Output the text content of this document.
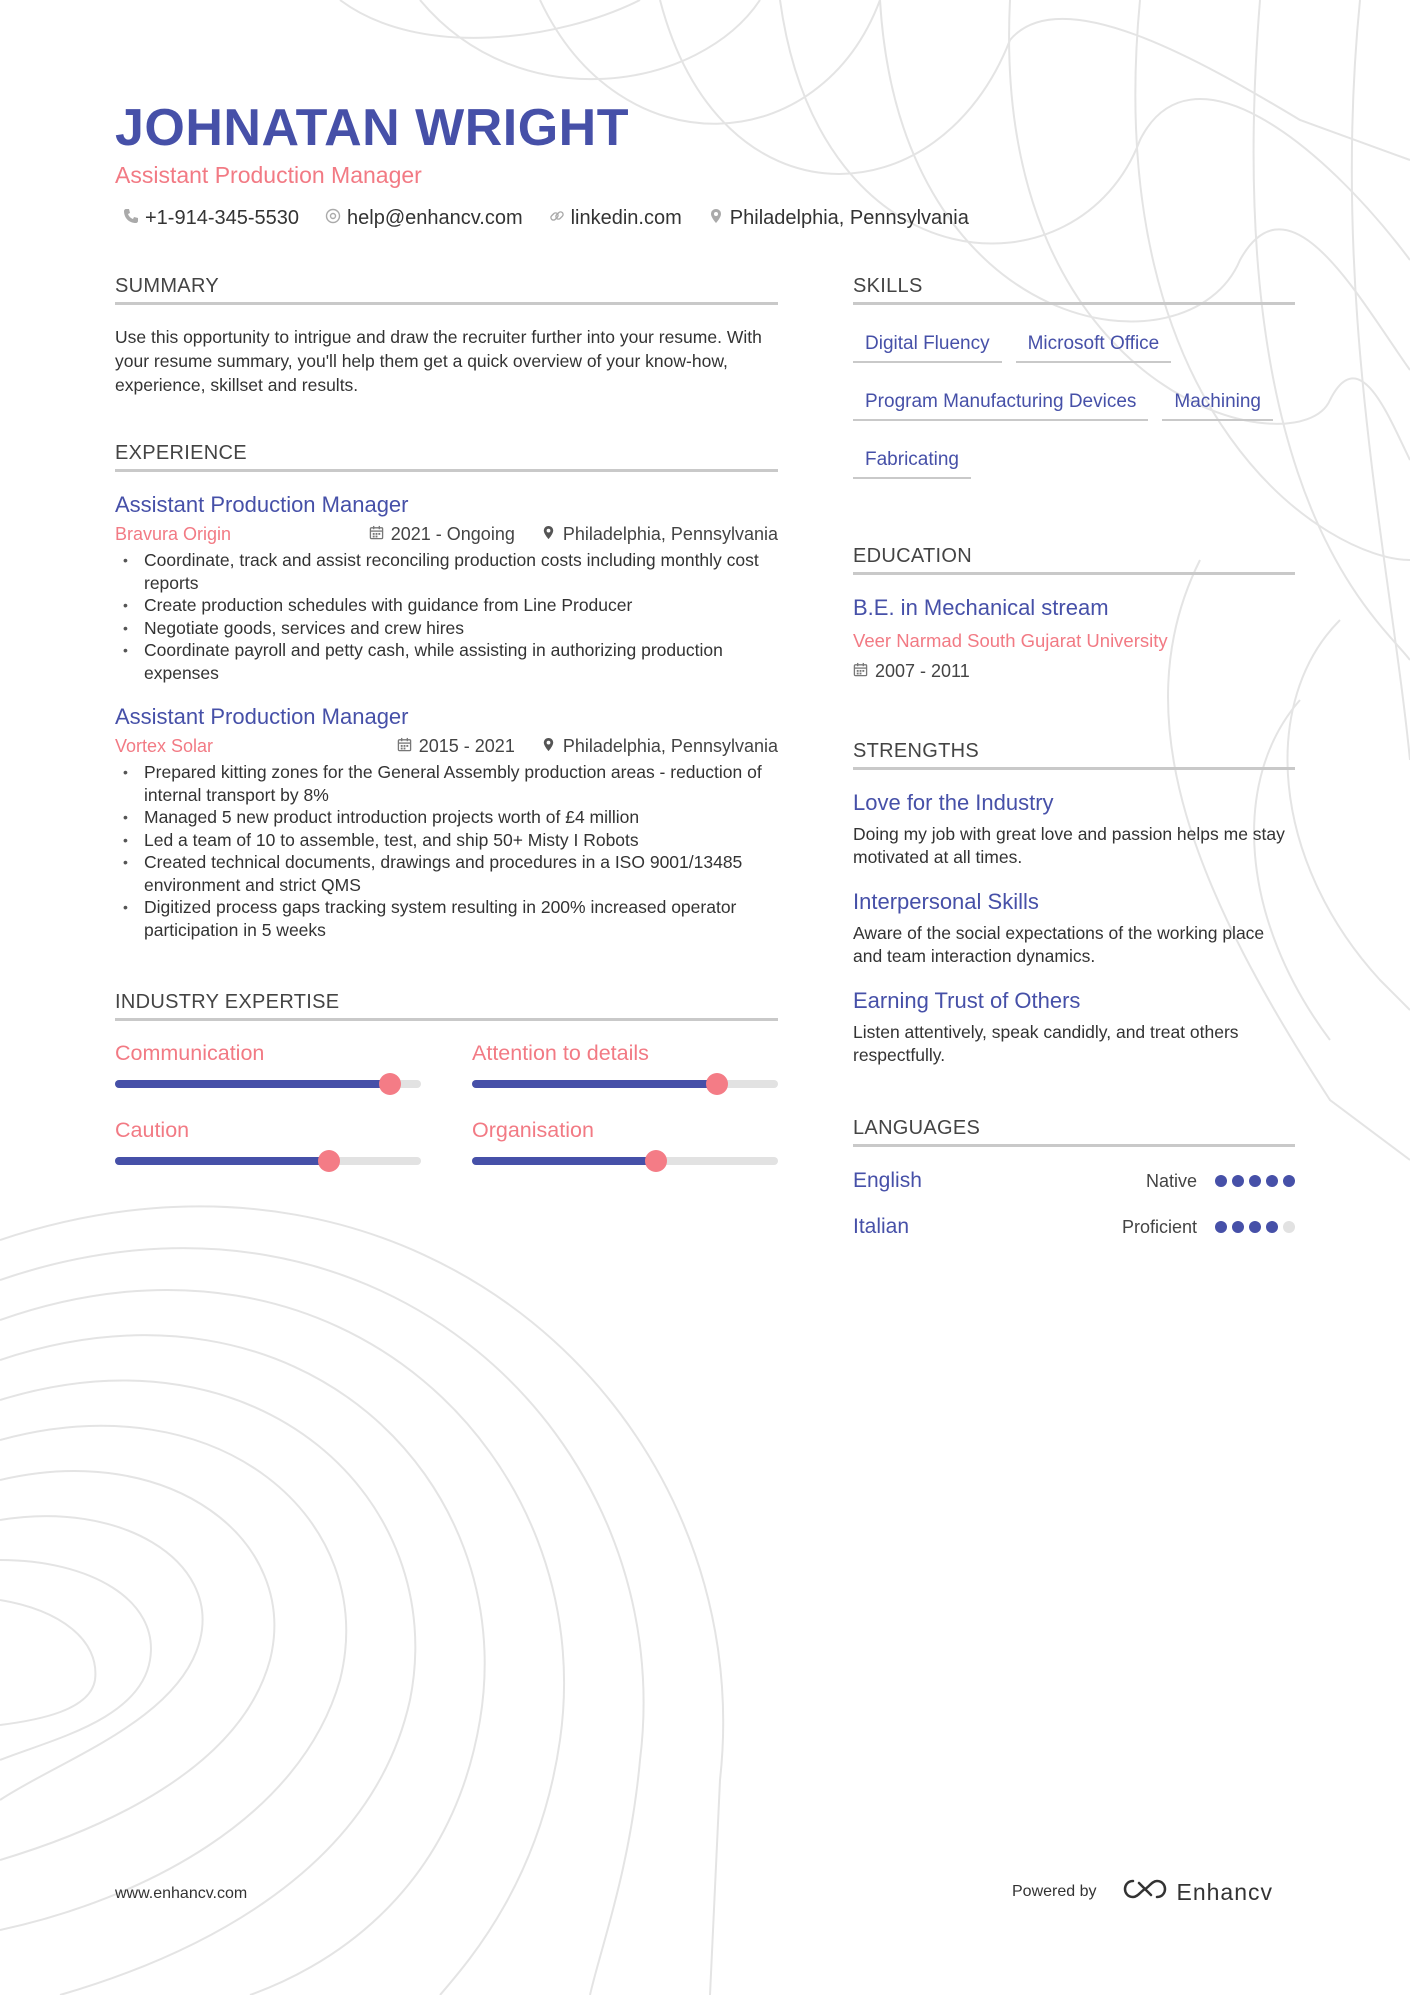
JOHNATAN WRIGHT
Assistant Production Manager
+1-914-345-5530 help@enhancv.com linkedin.com Philadelphia, Pennsylvania
SUMMARY

Use this opportunity to intrigue and draw the recruiter further into your resume. With your resume summary, you'll help them get a quick overview of your know-how, experience, skillset and results.

EXPERIENCE
Assistant Production Manager
Bravura Origin	2021 - Ongoing	Philadelphia, Pennsylvania
• Coordinate, track and assist reconciling production costs including monthly cost reports
• Create production schedules with guidance from Line Producer
• Negotiate goods, services and crew hires
• Coordinate payroll and petty cash, while assisting in authorizing production expenses
Assistant Production Manager
Vortex Solar	2015 - 2021	Philadelphia, Pennsylvania
• Prepared kitting zones for the General Assembly production areas - reduction of internal transport by 8%
• Managed 5 new product introduction projects worth of £4 million
• Led a team of 10 to assemble, test, and ship 50+ Misty I Robots
• Created technical documents, drawings and procedures in a ISO 9001/13485 environment and strict QMS
• Digitized process gaps tracking system resulting in 200% increased operator participation in 5 weeks
INDUSTRY EXPERTISE
Communication	Attention to details
Caution	Organisation
SKILLS
Digital Fluency	Microsoft Office
Program Manufacturing Devices	Machining
Fabricating
EDUCATION
B.E. in Mechanical stream
Veer Narmad South Gujarat University
2007 - 2011
STRENGTHS
Love for the Industry
Doing my job with great love and passion helps me stay motivated at all times.
Interpersonal Skills
Aware of the social expectations of the working place and team interaction dynamics.
Earning Trust of Others
Listen attentively, speak candidly, and treat others respectfully.
LANGUAGES
English	Native
Italian	Proficient
www.enhancv.com	Powered by	Enhancv
